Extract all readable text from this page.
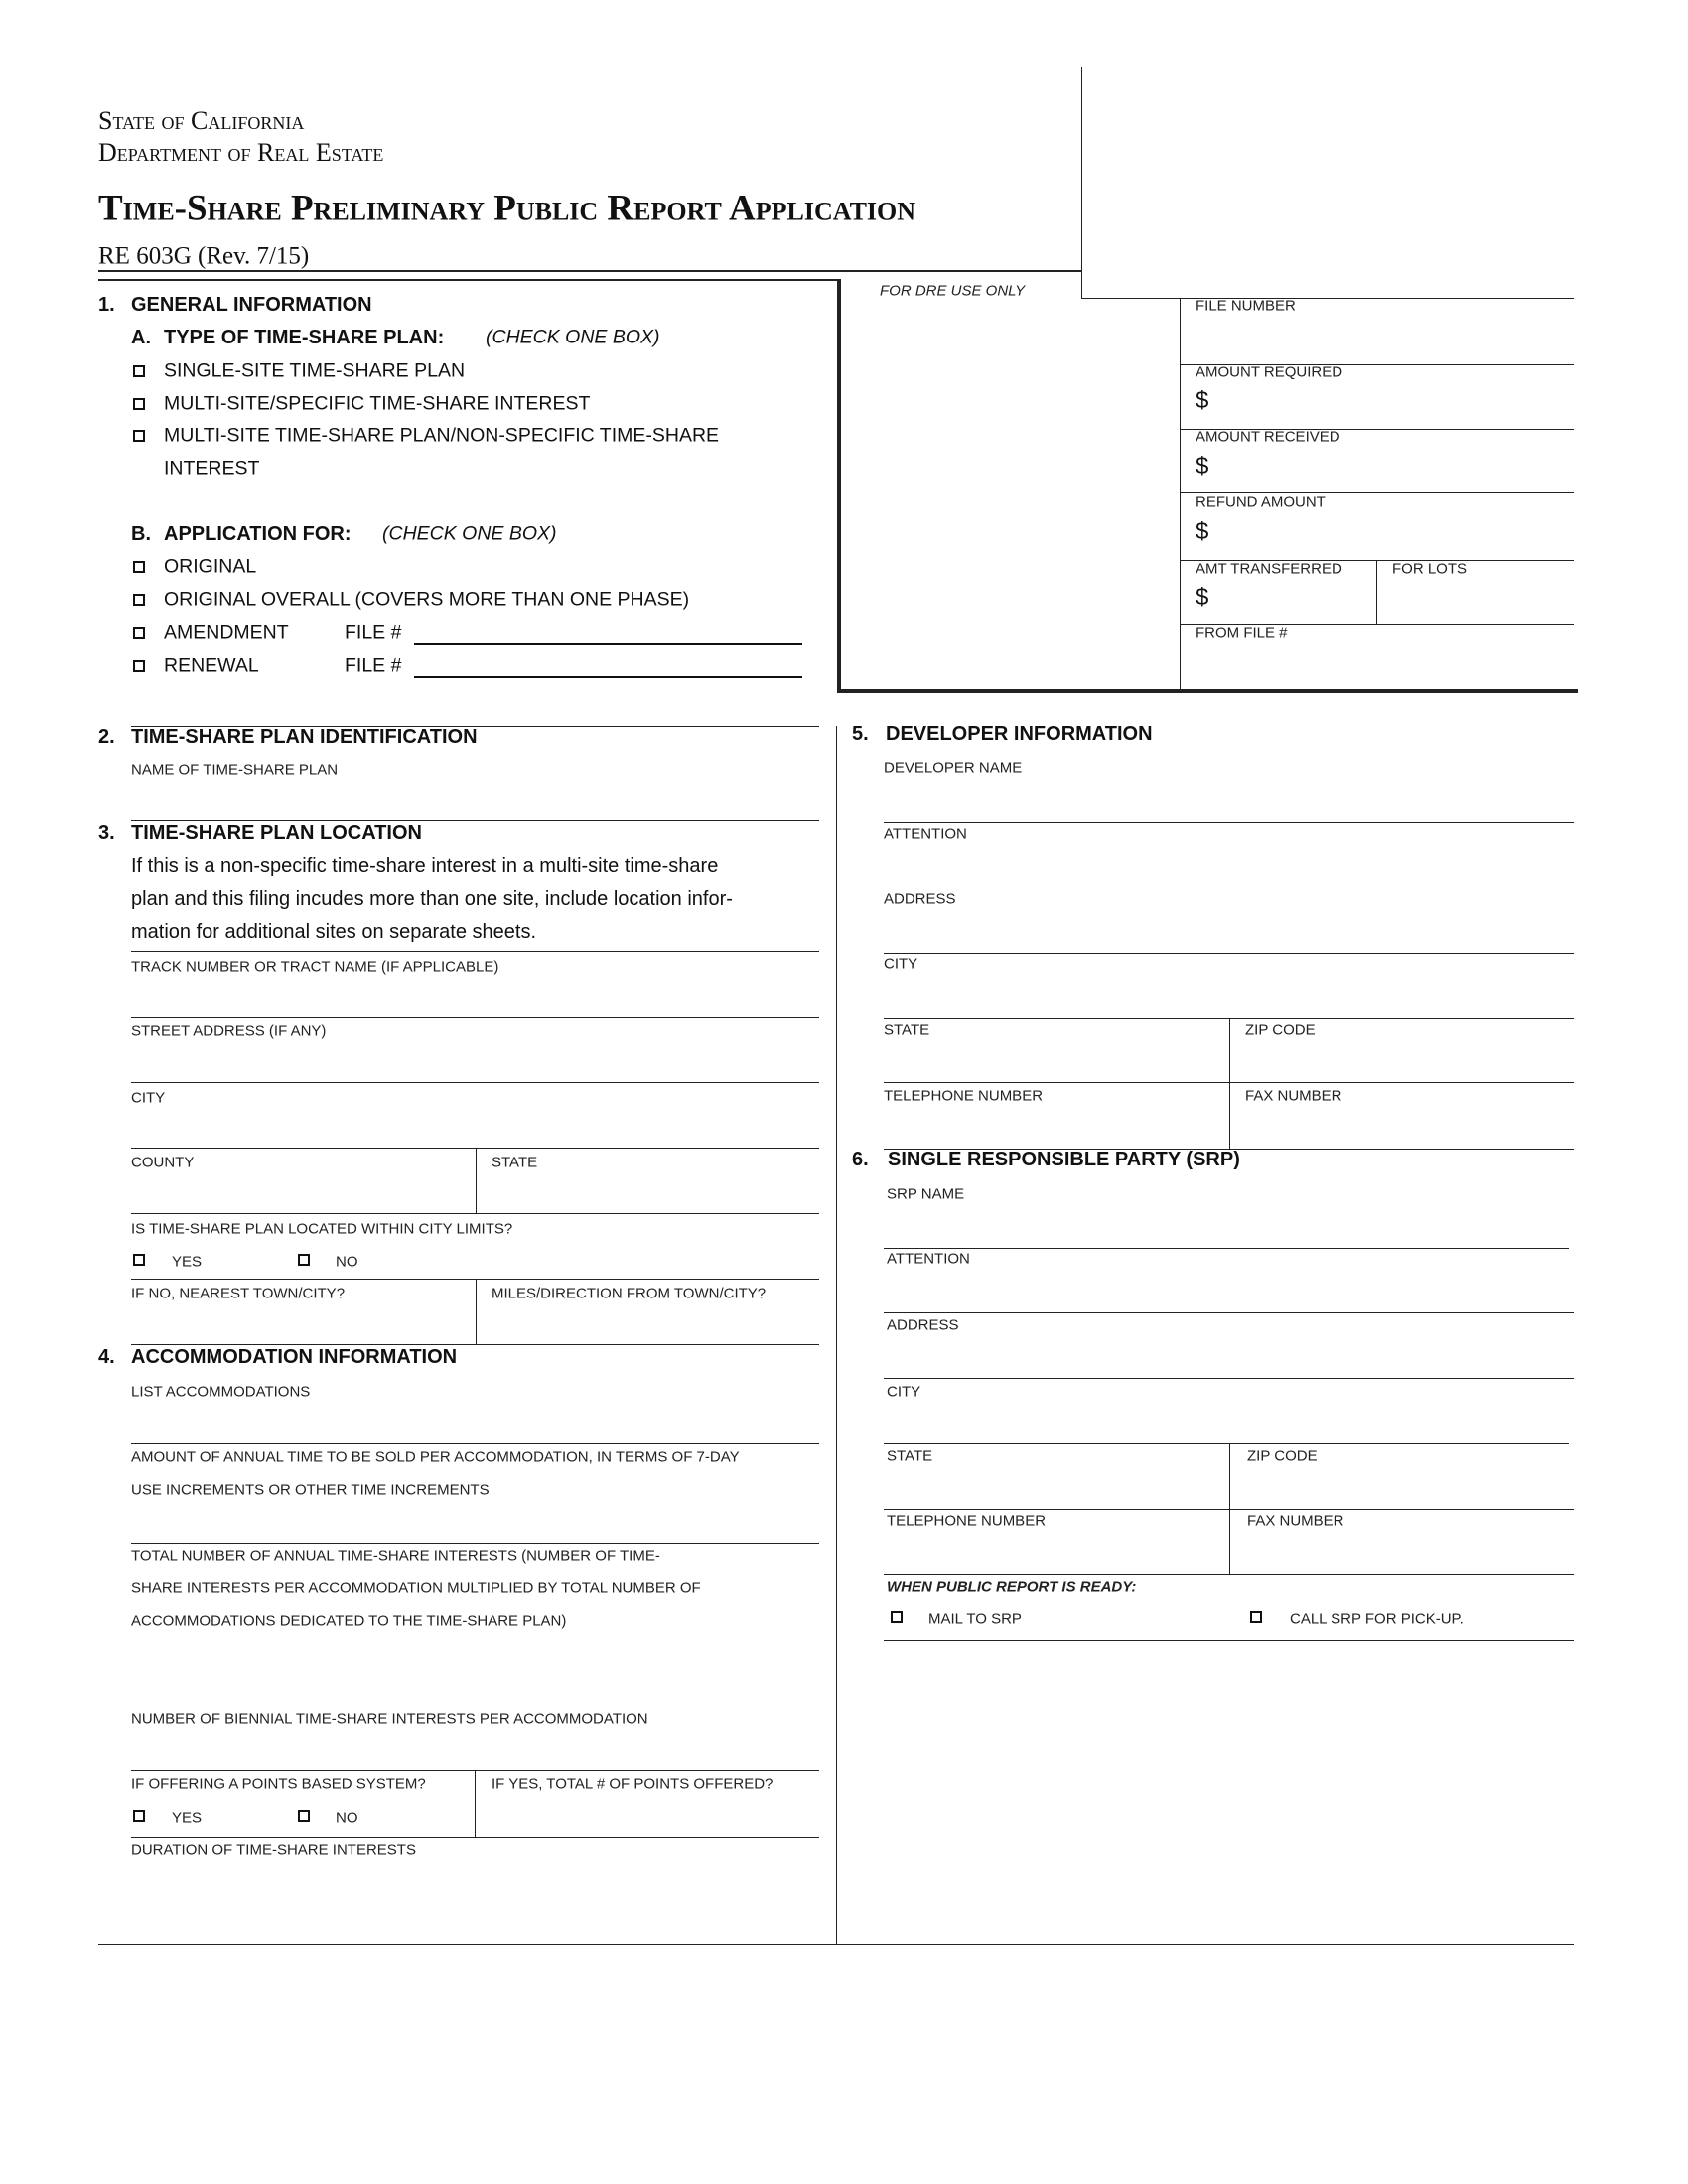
State of California
Department of Real Estate
Time-Share Preliminary Public Report Application
RE 603G (Rev. 7/15)
FOR DRE USE ONLY
FILE NUMBER
AMOUNT REQUIRED
$
AMOUNT RECEIVED
$
REFUND AMOUNT
$
AMT TRANSFERRED	FOR LOTS
$
FROM FILE #
1. GENERAL INFORMATION
A. TYPE OF TIME-SHARE PLAN: (CHECK ONE BOX)
SINGLE-SITE TIME-SHARE PLAN
MULTI-SITE/SPECIFIC TIME-SHARE INTEREST
MULTI-SITE TIME-SHARE PLAN/NON-SPECIFIC TIME-SHARE
INTEREST
B. APPLICATION FOR: (CHECK ONE BOX)
ORIGINAL
ORIGINAL OVERALL (COVERS MORE THAN ONE PHASE)
AMENDMENT	FILE #
RENEWAL	FILE #
2. TIME-SHARE PLAN IDENTIFICATION
NAME OF TIME-SHARE PLAN
3. TIME-SHARE PLAN LOCATION
If this is a non-specific time-share interest in a multi-site time-share
plan and this filing incudes more than one site, include location infor-
mation for additional sites on separate sheets.
TRACK NUMBER OR TRACT NAME (IF APPLICABLE)
STREET ADDRESS (IF ANY)
CITY
COUNTY	STATE
IS TIME-SHARE PLAN LOCATED WITHIN CITY LIMITS?
YES	NO
IF NO, NEAREST TOWN/CITY?	MILES/DIRECTION FROM TOWN/CITY?
4. ACCOMMODATION INFORMATION
LIST ACCOMMODATIONS
AMOUNT OF ANNUAL TIME TO BE SOLD PER ACCOMMODATION, IN TERMS OF 7-DAY
USE INCREMENTS OR OTHER TIME INCREMENTS
TOTAL NUMBER OF ANNUAL TIME-SHARE INTERESTS (NUMBER OF TIME-
SHARE INTERESTS PER ACCOMMODATION MULTIPLIED BY TOTAL NUMBER OF
ACCOMMODATIONS DEDICATED TO THE TIME-SHARE PLAN)
NUMBER OF BIENNIAL TIME-SHARE INTERESTS PER ACCOMMODATION
IF OFFERING A POINTS BASED SYSTEM?	IF YES, TOTAL # OF POINTS OFFERED?
YES	NO
DURATION OF TIME-SHARE INTERESTS
5. DEVELOPER INFORMATION
DEVELOPER NAME
ATTENTION
ADDRESS
CITY
STATE	ZIP CODE
TELEPHONE NUMBER	FAX NUMBER
6. SINGLE RESPONSIBLE PARTY (SRP)
SRP NAME
ATTENTION
ADDRESS
CITY
STATE	ZIP CODE
TELEPHONE NUMBER	FAX NUMBER
WHEN PUBLIC REPORT IS READY:
MAIL TO SRP	CALL SRP FOR PICK-UP.
